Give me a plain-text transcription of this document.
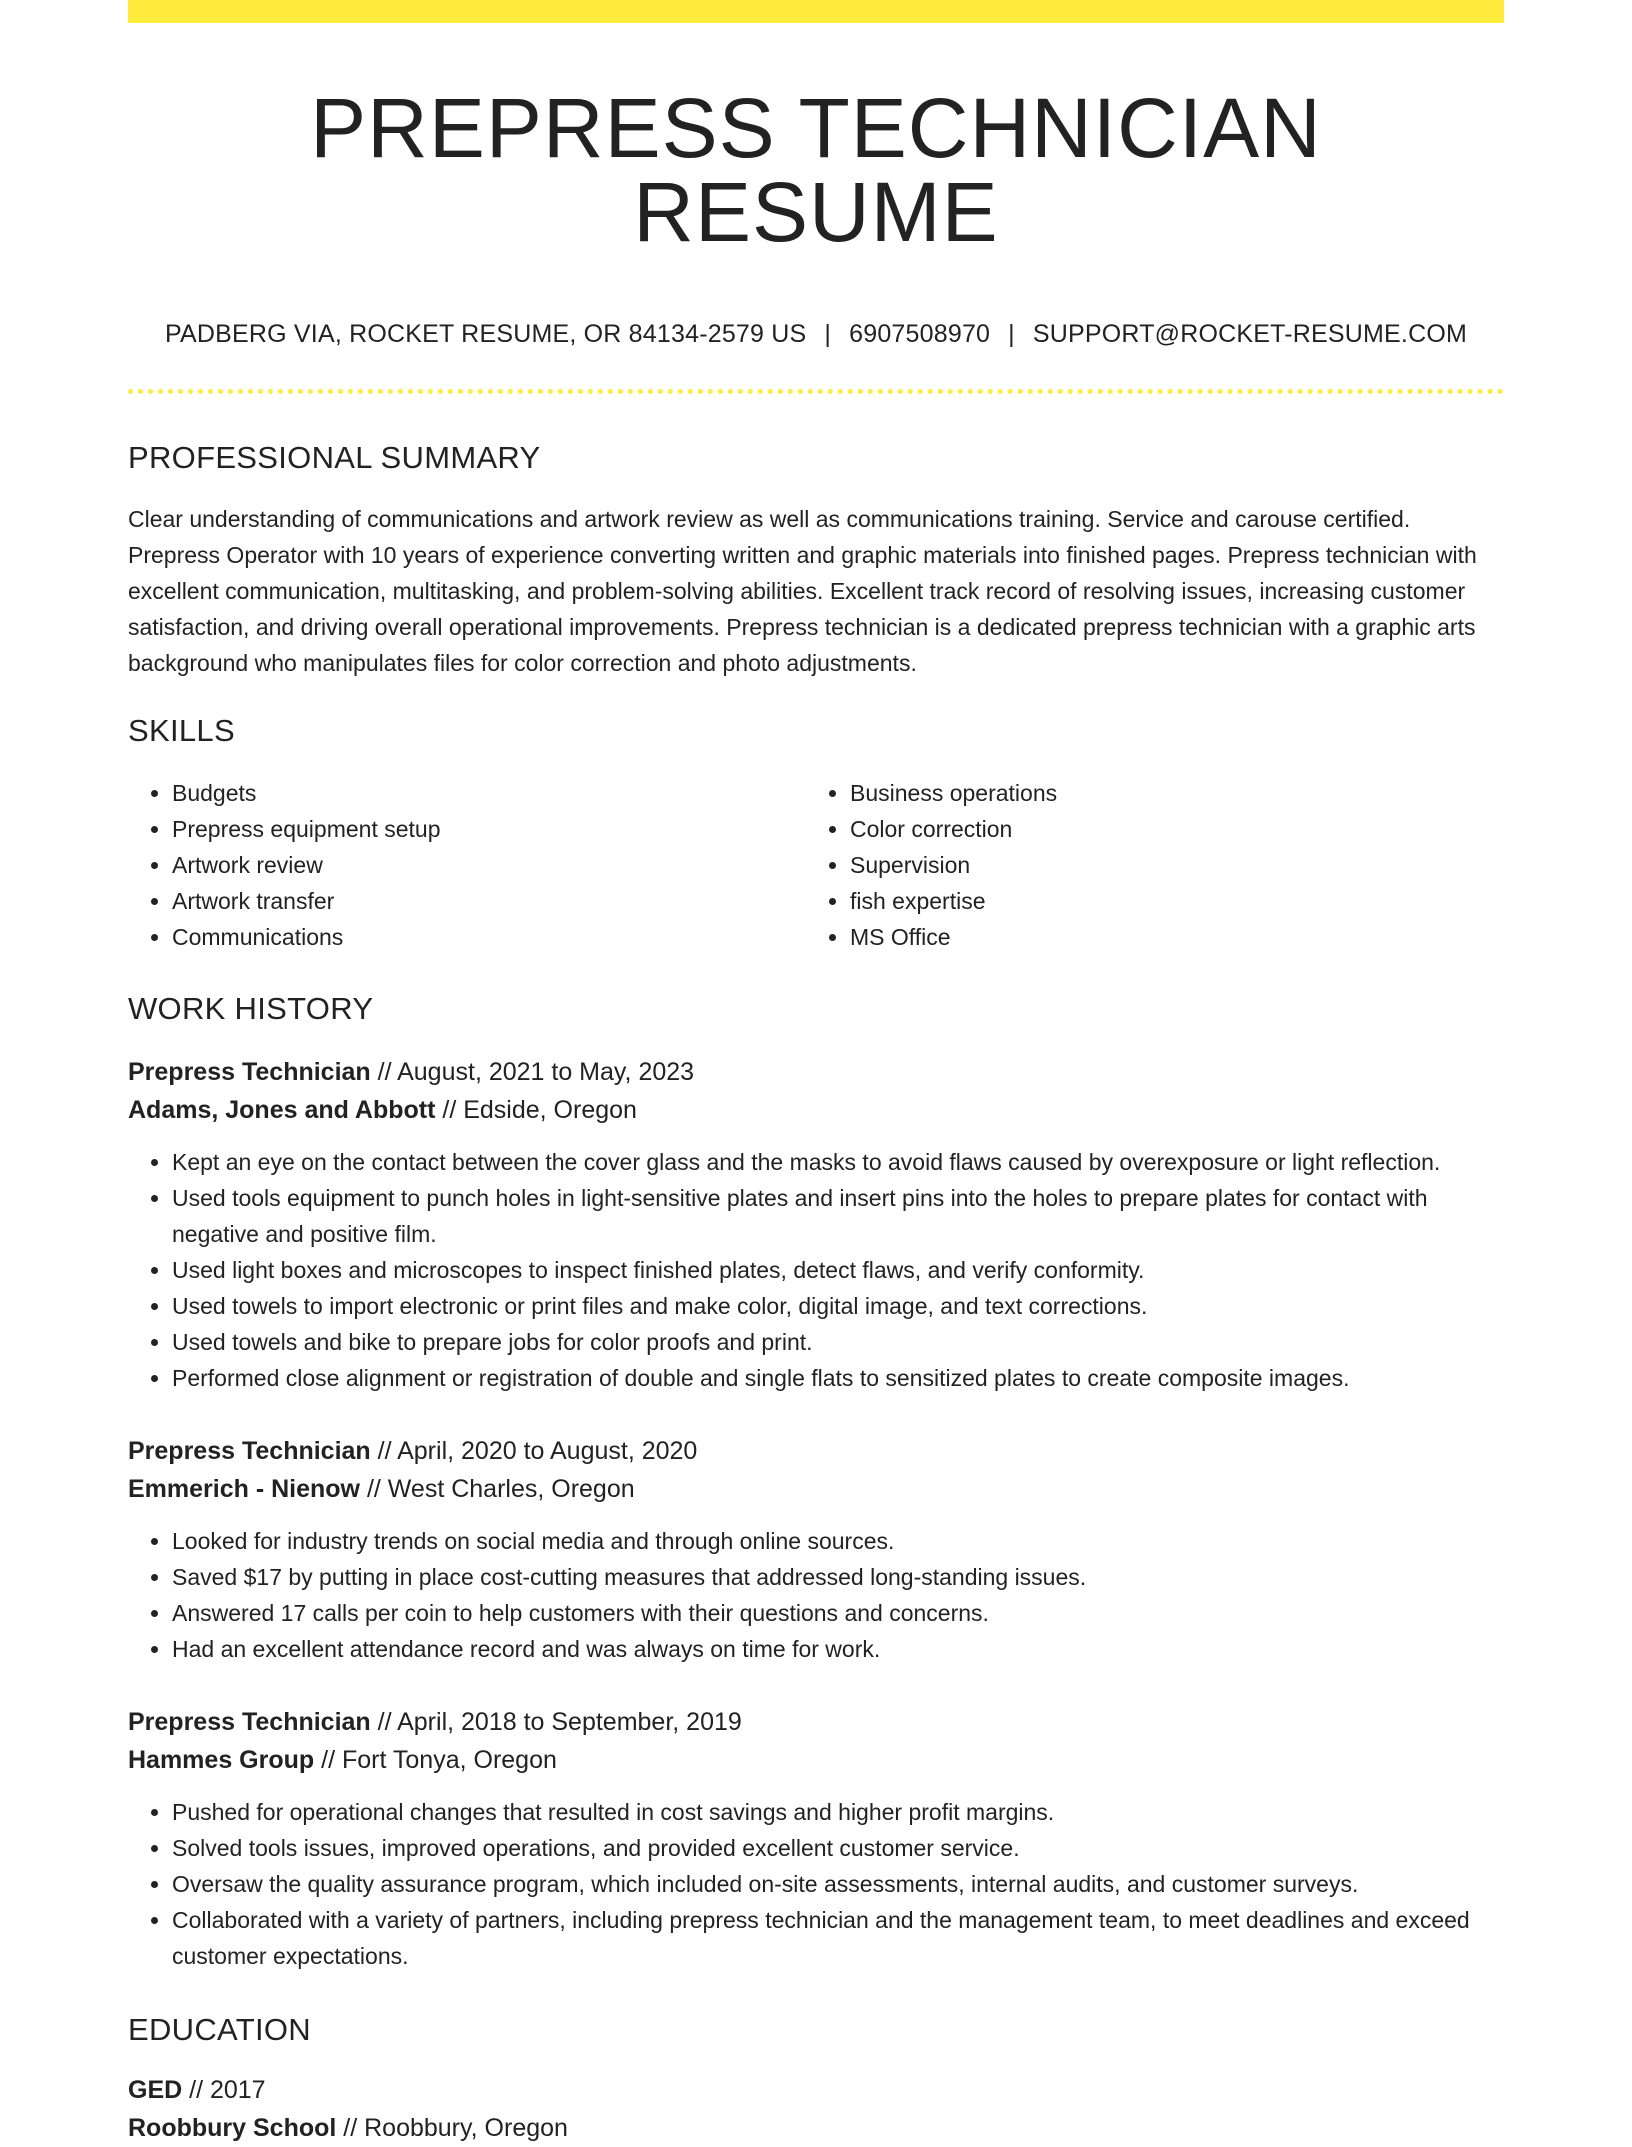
PREPRESS TECHNICIAN RESUME
PADBERG VIA, ROCKET RESUME, OR 84134-2579 US | 6907508970 | SUPPORT@ROCKET-RESUME.COM
PROFESSIONAL SUMMARY

Clear understanding of communications and artwork review as well as communications training. Service and carouse certified. Prepress Operator with 10 years of experience converting written and graphic materials into finished pages. Prepress technician with excellent communication, multitasking, and problem-solving abilities. Excellent track record of resolving issues, increasing customer satisfaction, and driving overall operational improvements. Prepress technician is a dedicated prepress technician with a graphic arts background who manipulates files for color correction and photo adjustments.

SKILLS
• Budgets
• Prepress equipment setup
• Artwork review
• Artwork transfer
• Communications
• Business operations
• Color correction
• Supervision
• fish expertise
• MS Office
WORK HISTORY
Prepress Technician // August, 2021 to May, 2023
Adams, Jones and Abbott // Edside, Oregon
• Kept an eye on the contact between the cover glass and the masks to avoid flaws caused by overexposure or light reflection.
• Used tools equipment to punch holes in light-sensitive plates and insert pins into the holes to prepare plates for contact with negative and positive film.
• Used light boxes and microscopes to inspect finished plates, detect flaws, and verify conformity.
• Used towels to import electronic or print files and make color, digital image, and text corrections.
• Used towels and bike to prepare jobs for color proofs and print.
• Performed close alignment or registration of double and single flats to sensitized plates to create composite images.
Prepress Technician // April, 2020 to August, 2020
Emmerich - Nienow // West Charles, Oregon
• Looked for industry trends on social media and through online sources.
• Saved $17 by putting in place cost-cutting measures that addressed long-standing issues.
• Answered 17 calls per coin to help customers with their questions and concerns.
• Had an excellent attendance record and was always on time for work.
Prepress Technician // April, 2018 to September, 2019
Hammes Group // Fort Tonya, Oregon
• Pushed for operational changes that resulted in cost savings and higher profit margins.
• Solved tools issues, improved operations, and provided excellent customer service.
• Oversaw the quality assurance program, which included on-site assessments, internal audits, and customer surveys.
• Collaborated with a variety of partners, including prepress technician and the management team, to meet deadlines and exceed customer expectations.
EDUCATION
GED // 2017
Roobbury School // Roobbury, Oregon
